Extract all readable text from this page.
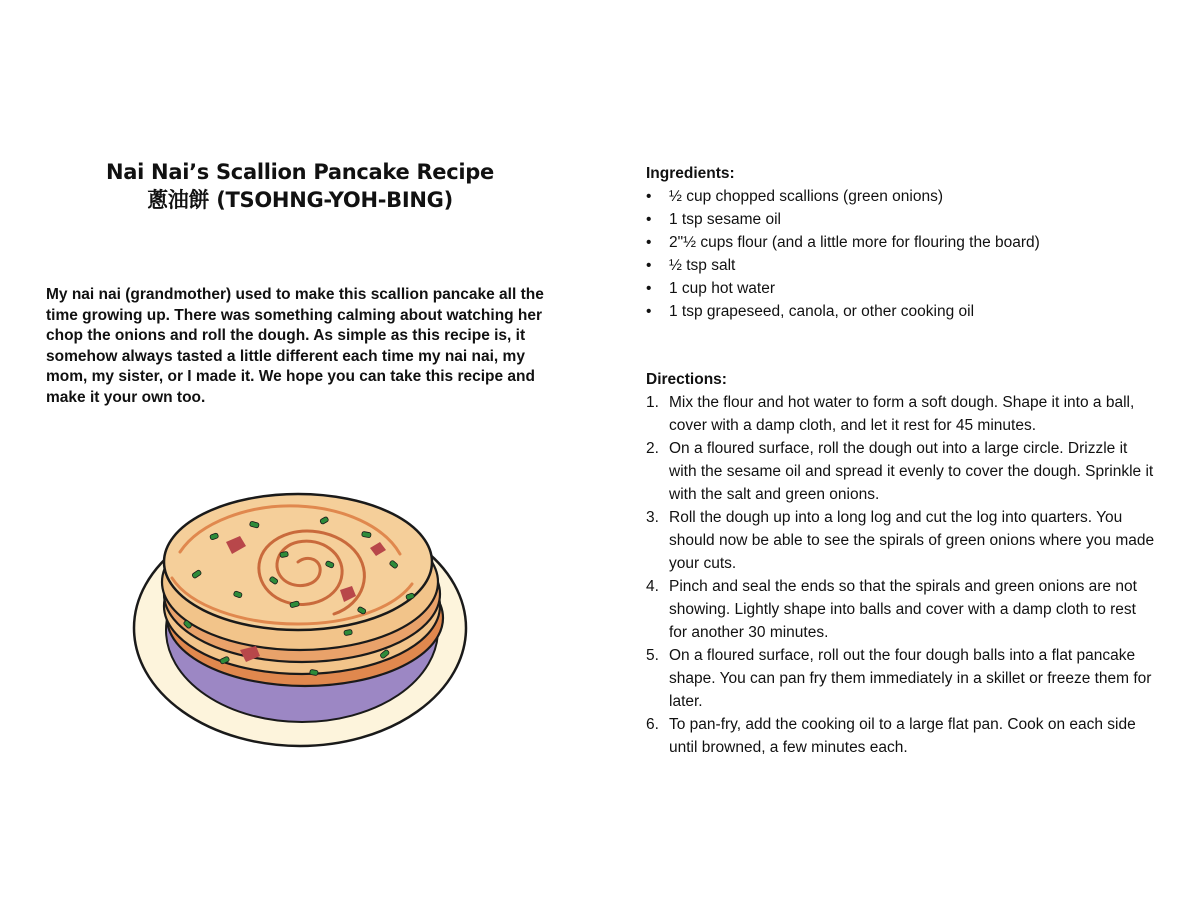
Nai Nai’s Scallion Pancake Recipe
蔥油餅 (TSOHNG-YOH-BING)
My nai nai (grandmother) used to make this scallion pancake all the time growing up. There was something calming about watching her chop the onions and roll the dough. As simple as this recipe is, it somehow always tasted a little different each time my nai nai, my mom, my sister, or I made it. We hope you can take this recipe and make it your own too.
Ingredients:
•	½ cup chopped scallions (green onions)
•	1 tsp sesame oil
•	2"½ cups flour (and a little more for flouring the board)
•	½ tsp salt
•	1 cup hot water
•	1 tsp grapeseed, canola, or other cooking oil
Directions:
1. Mix the flour and hot water to form a soft dough. Shape it into a ball, cover with a damp cloth, and let it rest for 45 minutes.
2. On a floured surface, roll the dough out into a large circle. Drizzle it with the sesame oil and spread it evenly to cover the dough. Sprinkle it with the salt and green onions.
3. Roll the dough up into a long log and cut the log into quarters. You should now be able to see the spirals of green onions where you made your cuts.
4. Pinch and seal the ends so that the spirals and green onions are not showing. Lightly shape into balls and cover with a damp cloth to rest for another 30 minutes.
5. On a floured surface, roll out the four dough balls into a flat pancake shape. You can pan fry them immediately in a skillet or freeze them for later.
6. To pan-fry, add the cooking oil to a large flat pan. Cook on each side until browned, a few minutes each.
